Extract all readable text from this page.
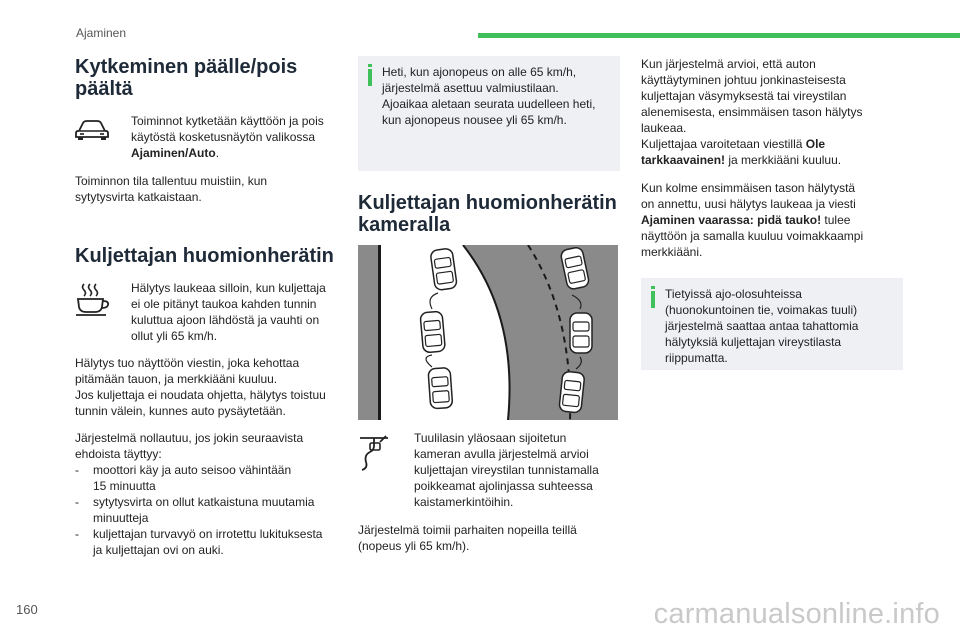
Ajaminen
Kytkeminen päälle/pois päältä
Toiminnot kytketään käyttöön ja pois
käytöstä kosketusnäytön valikossa
Ajaminen/Auto.
Toiminnon tila tallentuu muistiin, kun
sytytysvirta katkaistaan.
Kuljettajan huomionherätin
Hälytys laukeaa silloin, kun kuljettaja
ei ole pitänyt taukoa kahden tunnin
kuluttua ajoon lähdöstä ja vauhti on
ollut yli 65 km/h.
Hälytys tuo näyttöön viestin, joka kehottaa
pitämään tauon, ja merkkiääni kuuluu.
Jos kuljettaja ei noudata ohjetta, hälytys toistuu
tunnin välein, kunnes auto pysäytetään.
Järjestelmä nollautuu, jos jokin seuraavista
ehdoista täyttyy:
-	moottori käy ja auto seisoo vähintään
15 minuutta
-	sytytysvirta on ollut katkaistuna muutamia
minuutteja
-	kuljettajan turvavyö on irrotettu lukituksesta
ja kuljettajan ovi on auki.
Heti, kun ajonopeus on alle 65 km/h,
järjestelmä asettuu valmiustilaan.
Ajoaikaa aletaan seurata uudelleen heti,
kun ajonopeus nousee yli 65 km/h.
Kuljettajan huomionherätin
kameralla
Tuulilasin yläosaan sijoitetun
kameran avulla järjestelmä arvioi
kuljettajan vireystilan tunnistamalla
poikkeamat ajolinjassa suhteessa
kaistamerkintöihin.
Järjestelmä toimii parhaiten nopeilla teillä
(nopeus yli 65 km/h).
Kun järjestelmä arvioi, että auton
käyttäytyminen johtuu jonkinasteisesta
kuljettajan väsymyksestä tai vireystilan
alenemisesta, ensimmäisen tason hälytys
laukeaa.
Kuljettajaa varoitetaan viestillä Ole
tarkkaavainen! ja merkkiääni kuuluu.
Kun kolme ensimmäisen tason hälytystä
on annettu, uusi hälytys laukeaa ja viesti
Ajaminen vaarassa: pidä tauko! tulee
näyttöön ja samalla kuuluu voimakkaampi
merkkiääni.
Tietyissä ajo-olosuhteissa
(huonokuntoinen tie, voimakas tuuli)
järjestelmä saattaa antaa tahattomia
hälytyksiä kuljettajan vireystilasta
riippumatta.
160	carmanualsonline.info
